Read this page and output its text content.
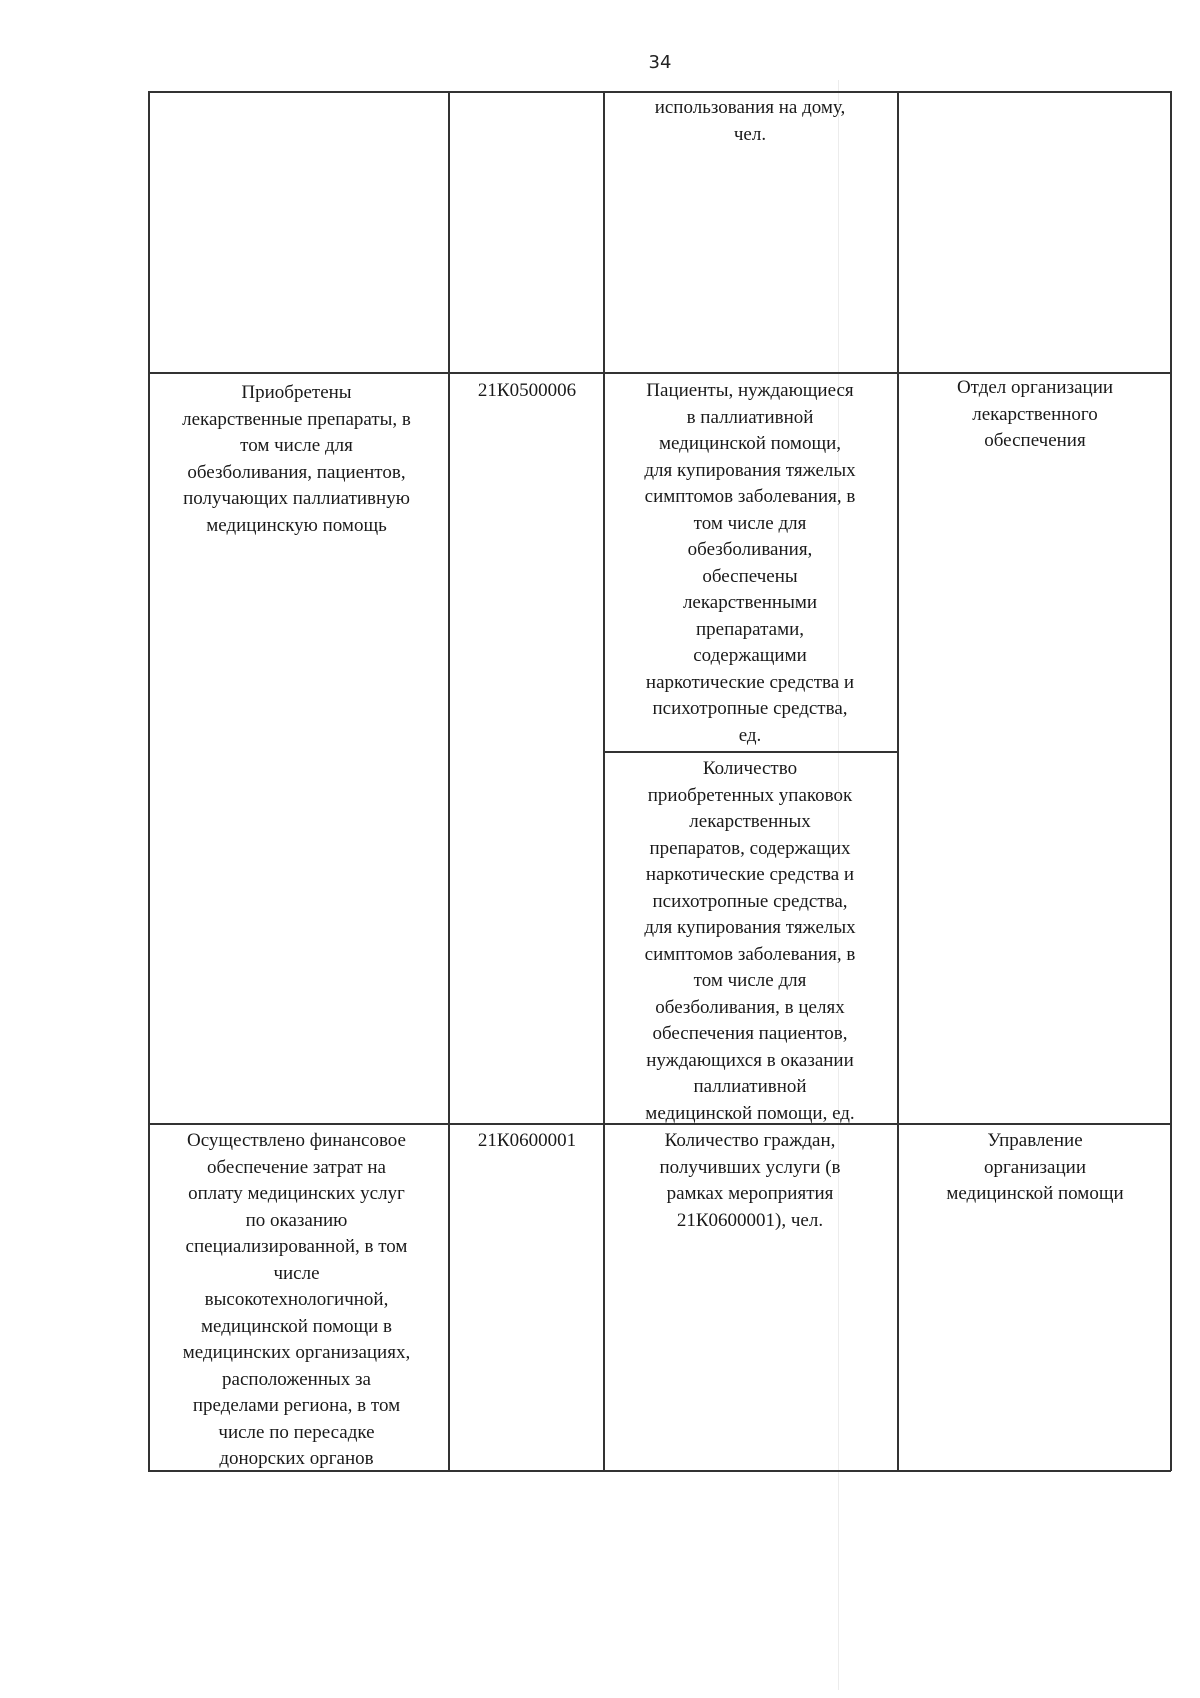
34
использования на дому,
чел.
Приобретены
лекарственные препараты, в
том числе для
обезболивания, пациентов,
получающих паллиативную
медицинскую помощь
21К0500006	Пациенты, нуждающиеся
в паллиативной
медицинской помощи,
для купирования тяжелых
симптомов заболевания, в
том числе для
обезболивания,
обеспечены
лекарственными
препаратами,
содержащими
наркотические средства и
психотропные средства,
ед.
Количество
приобретенных упаковок
лекарственных
препаратов, содержащих
наркотические средства и
психотропные средства,
для купирования тяжелых
симптомов заболевания, в
том числе для
обезболивания, в целях
обеспечения пациентов,
нуждающихся в оказании
паллиативной
медицинской помощи, ед.
Отдел организации
лекарственного
обеспечения
Осуществлено финансовое
обеспечение затрат на
оплату медицинских услуг
по оказанию
специализированной, в том
числе
высокотехнологичной,
медицинской помощи в
медицинских организациях,
расположенных за
пределами региона, в том
числе по пересадке
донорских органов
21К0600001	Количество граждан,
получивших услуги (в
рамках мероприятия
21К0600001), чел.
Управление
организации
медицинской помощи
